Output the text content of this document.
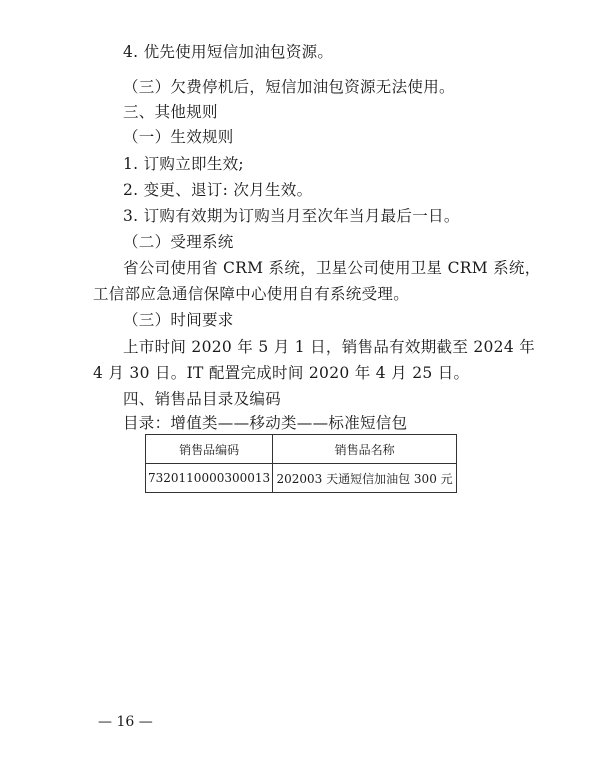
4. 优先使用短信加油包资源。
（三）欠费停机后，短信加油包资源无法使用。
三、其他规则
（一）生效规则
1. 订购立即生效;
2. 变更、退订: 次月生效。
3. 订购有效期为订购当月至次年当月最后一日。
（二）受理系统
省公司使用省 CRM 系统，卫星公司使用卫星 CRM 系统，
工信部应急通信保障中心使用自有系统受理。
（三）时间要求
上市时间 2020 年 5 月 1 日，销售品有效期截至 2024 年
4 月 30 日。IT 配置完成时间 2020 年 4 月 25 日。
四、销售品目录及编码
目录：增值类——移动类——标准短信包
销售品编码	销售品名称
7320110000300013	202003 天通短信加油包 300 元
— 16 —
